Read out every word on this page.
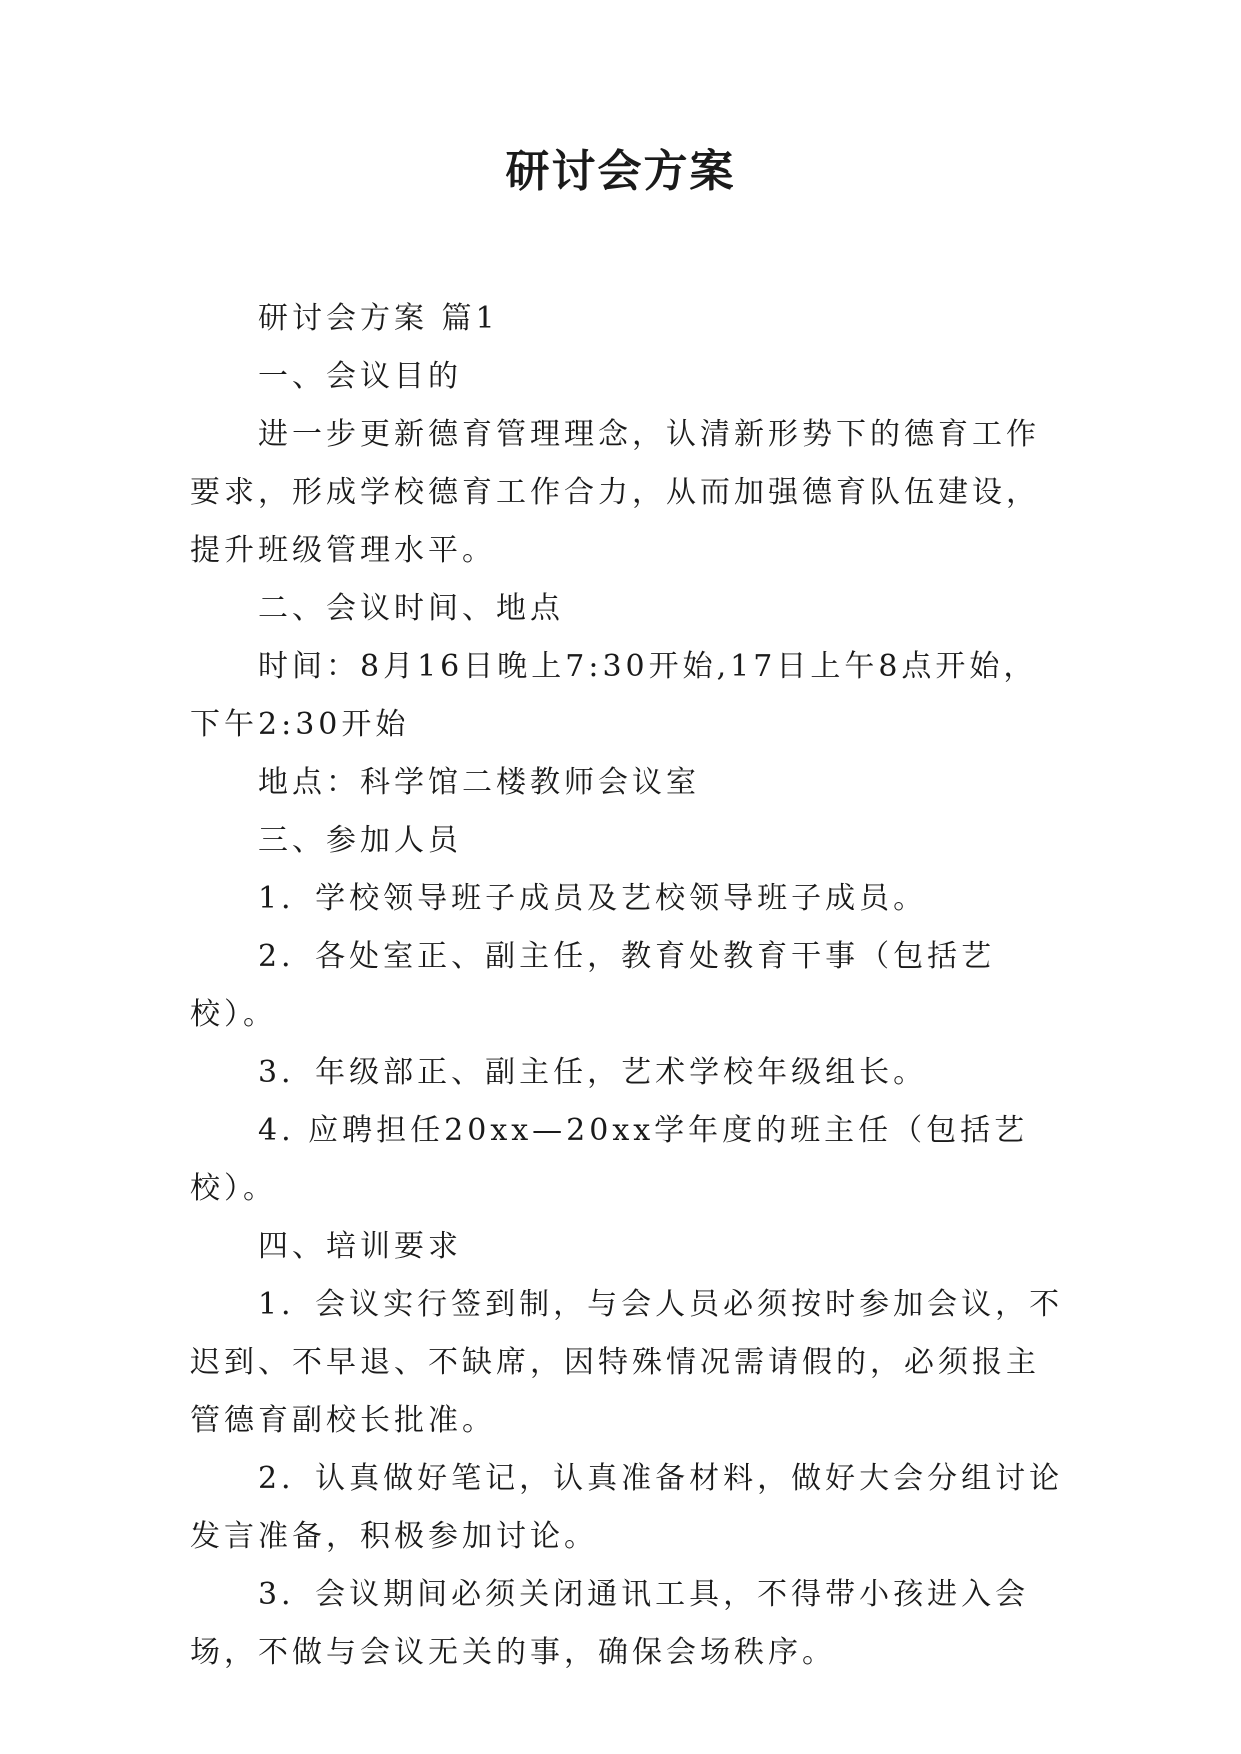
研讨会方案

研讨会方案 篇1

一、会议目的

进一步更新德育管理理念，认清新形势下的德育工作要求，形成学校德育工作合力，从而加强德育队伍建设，提升班级管理水平。

二、会议时间、地点

时间：8月16日晚上7:30开始,17日上午8点开始，下午2:30开始

地点：科学馆二楼教师会议室

三、参加人员

1．学校领导班子成员及艺校领导班子成员。

2．各处室正、副主任，教育处教育干事（包括艺校）。

3．年级部正、副主任，艺术学校年级组长。

4. 应聘担任20xx—20xx学年度的班主任（包括艺校）。

四、培训要求

1．会议实行签到制，与会人员必须按时参加会议，不迟到、不早退、不缺席，因特殊情况需请假的，必须报主管德育副校长批准。

2．认真做好笔记，认真准备材料，做好大会分组讨论发言准备，积极参加讨论。

3．会议期间必须关闭通讯工具，不得带小孩进入会场，不做与会议无关的事，确保会场秩序。
